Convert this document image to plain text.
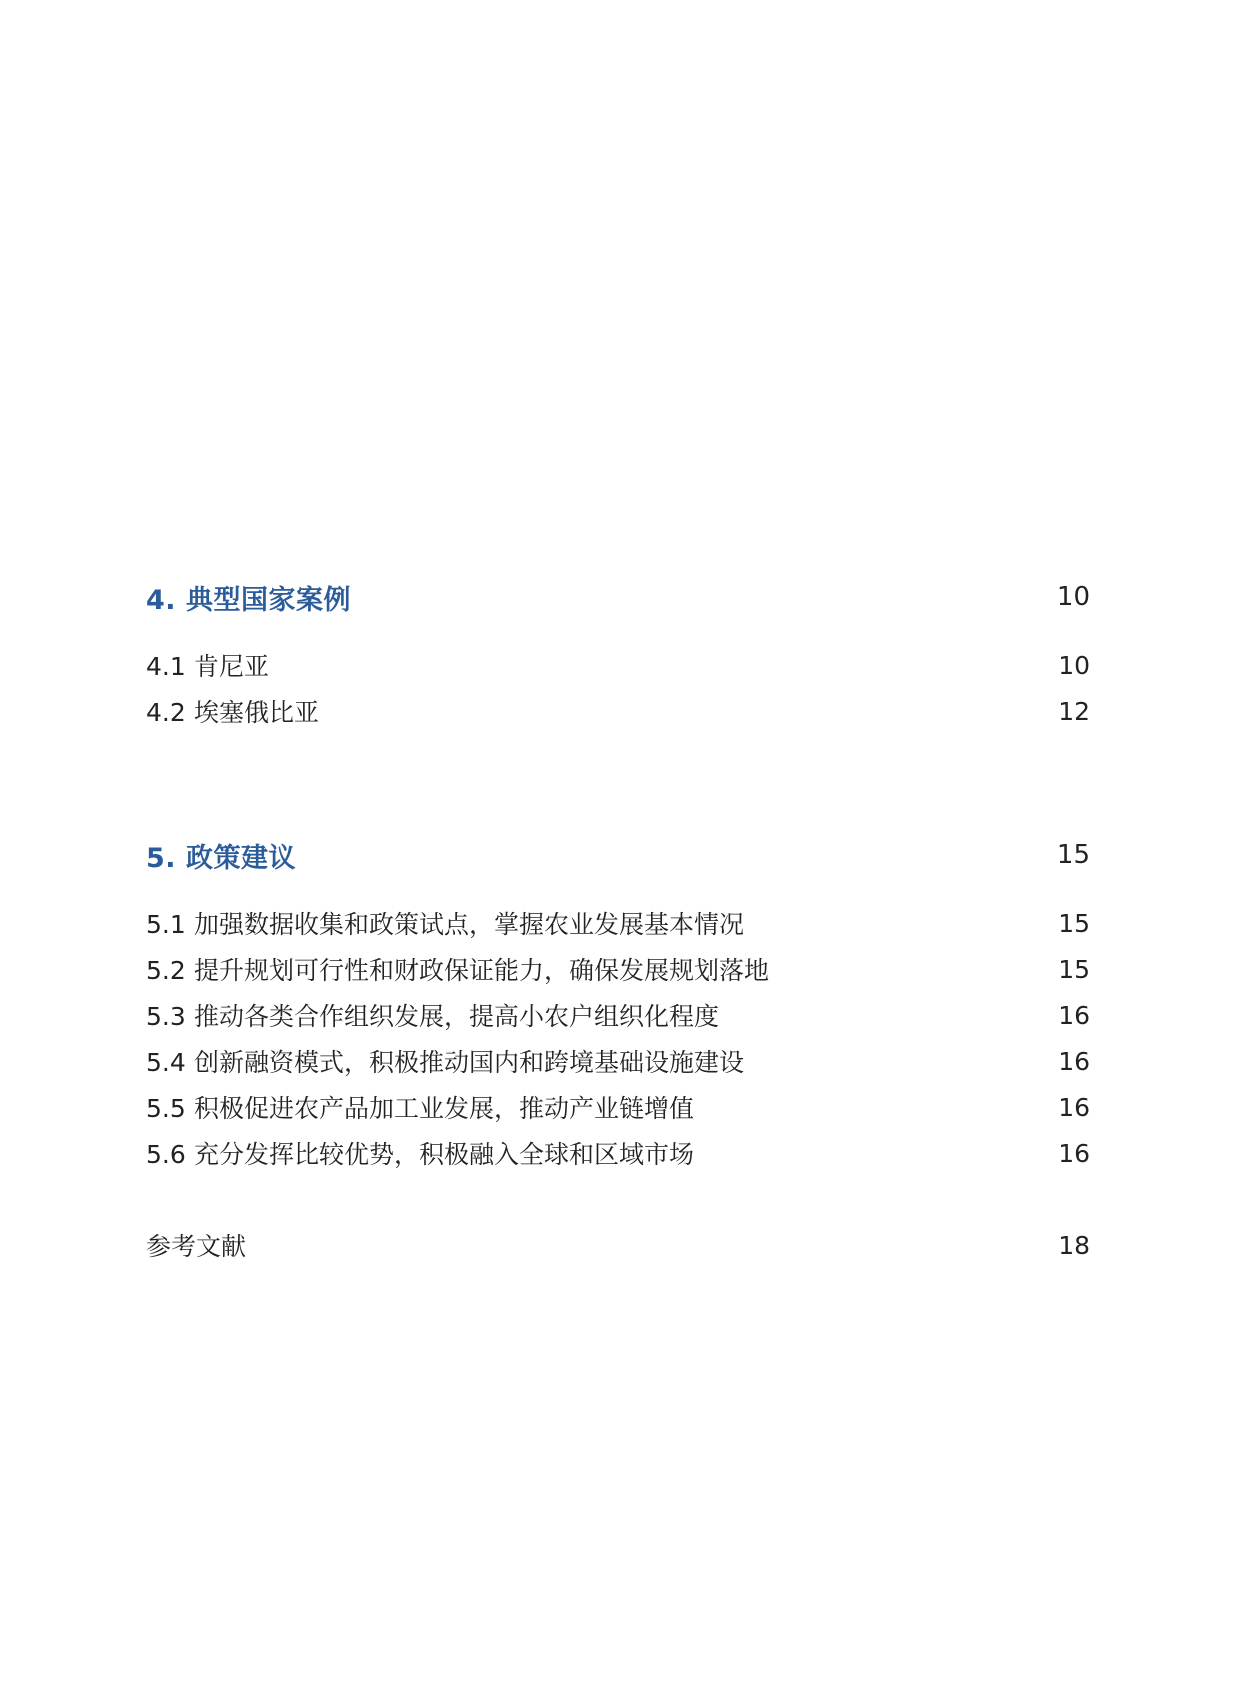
4. 典型国家案例	10
4.1 肯尼亚	10
4.2 埃塞俄比亚	12
5. 政策建议	15
5.1 加强数据收集和政策试点，掌握农业发展基本情况	15
5.2 提升规划可行性和财政保证能力，确保发展规划落地	15
5.3 推动各类合作组织发展，提高小农户组织化程度	16
5.4 创新融资模式，积极推动国内和跨境基础设施建设	16
5.5 积极促进农产品加工业发展，推动产业链增值	16
5.6 充分发挥比较优势，积极融入全球和区域市场	16
参考文献	18
